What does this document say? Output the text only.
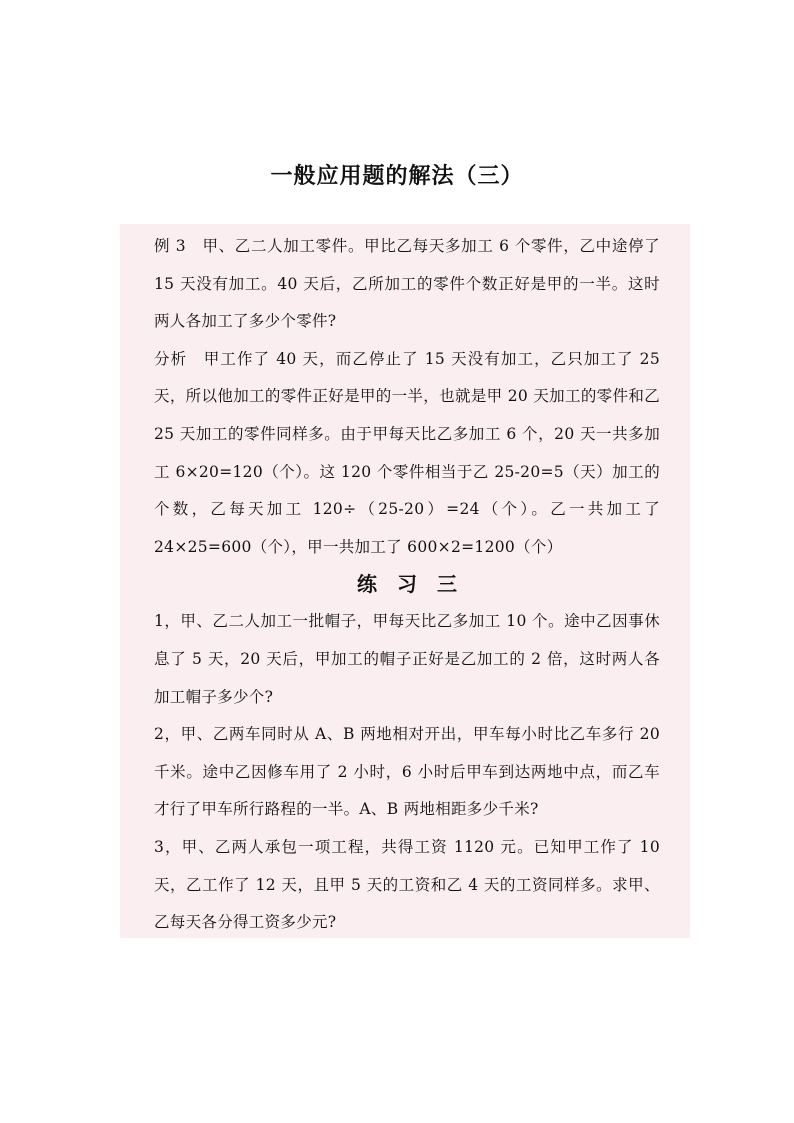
一般应用题的解法（三）

例 3　甲、乙二人加工零件。甲比乙每天多加工 6 个零件，乙中途停了 15 天没有加工。40 天后，乙所加工的零件个数正好是甲的一半。这时两人各加工了多少个零件?

分析　甲工作了 40 天，而乙停止了 15 天没有加工，乙只加工了 25 天，所以他加工的零件正好是甲的一半，也就是甲 20 天加工的零件和乙 25 天加工的零件同样多。由于甲每天比乙多加工 6 个，20 天一共多加工 6×20=120（个）。这 120 个零件相当于乙 25-20=5（天）加工的个数，乙每天加工 120÷（25-20）=24（个）。乙一共加工了 24×25=600（个），甲一共加工了 600×2=1200（个）

练习三

1，甲、乙二人加工一批帽子，甲每天比乙多加工 10 个。途中乙因事休息了 5 天，20 天后，甲加工的帽子正好是乙加工的 2 倍，这时两人各加工帽子多少个?

2，甲、乙两车同时从 A、B 两地相对开出，甲车每小时比乙车多行 20 千米。途中乙因修车用了 2 小时，6 小时后甲车到达两地中点，而乙车才行了甲车所行路程的一半。A、B 两地相距多少千米?

3，甲、乙两人承包一项工程，共得工资 1120 元。已知甲工作了 10 天，乙工作了 12 天，且甲 5 天的工资和乙 4 天的工资同样多。求甲、乙每天各分得工资多少元?
